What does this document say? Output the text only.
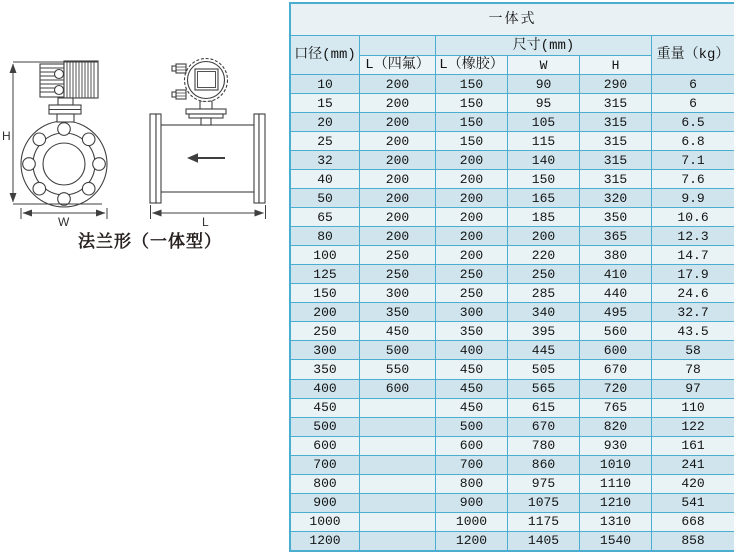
H
W	L
法兰形（一体型）
一体式					
口径(mm)		尺寸(mm)			重量（kg）
	L（四氟）	L（橡胶）	W	H	
10	200	150	90	290	6
15	200	150	95	315	6
20	200	150	105	315	6.5
25	200	150	115	315	6.8
32	200	200	140	315	7.1
40	200	200	150	315	7.6
50	200	200	165	320	9.9
65	200	200	185	350	10.6
80	200	200	200	365	12.3
100	250	200	220	380	14.7
125	250	250	250	410	17.9
150	300	250	285	440	24.6
200	350	300	340	495	32.7
250	450	350	395	560	43.5
300	500	400	445	600	58
350	550	450	505	670	78
400	600	450	565	720	97
450		450	615	765	110
500		500	670	820	122
600		600	780	930	161
700		700	860	1010	241
800		800	975	1110	420
900		900	1075	1210	541
1000		1000	1175	1310	668
1200		1200	1405	1540	858
